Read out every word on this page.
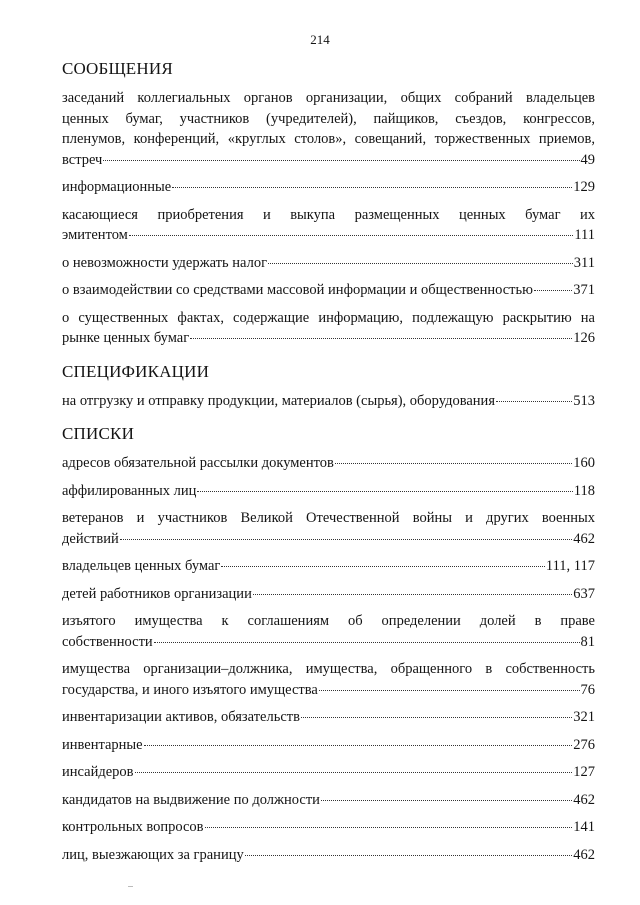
214
СООБЩЕНИЯ
заседаний коллегиальных органов организации, общих собраний владельцев
ценных бумаг, участников (учредителей), пайщиков, съездов, конгрессов,
пленумов, конференций, «круглых столов», совещаний, торжественных приемов,
встреч	49
информационные	129
касающиеся приобретения и выкупа размещенных ценных бумаг их
эмитентом	111
о невозможности удержать налог	311
о взаимодействии со средствами массовой информации и общественностью	371
о существенных фактах, содержащие информацию, подлежащую раскрытию на
рынке ценных бумаг	126
СПЕЦИФИКАЦИИ
на отгрузку и отправку продукции, материалов (сырья), оборудования	513
СПИСКИ
адресов обязательной рассылки документов	160
аффилированных лиц	118
ветеранов и участников Великой Отечественной войны и других военных
действий	462
владельцев ценных бумаг	111, 117
детей работников организации	637
изъятого имущества к соглашениям об определении долей в праве
собственности	81
имущества организации–должника, имущества, обращенного в собственность
государства, и иного изъятого имущества	76
инвентаризации активов, обязательств	321
инвентарные	276
инсайдеров	127
кандидатов на выдвижение по должности	462
контрольных вопросов	141
лиц, выезжающих за границу	462
